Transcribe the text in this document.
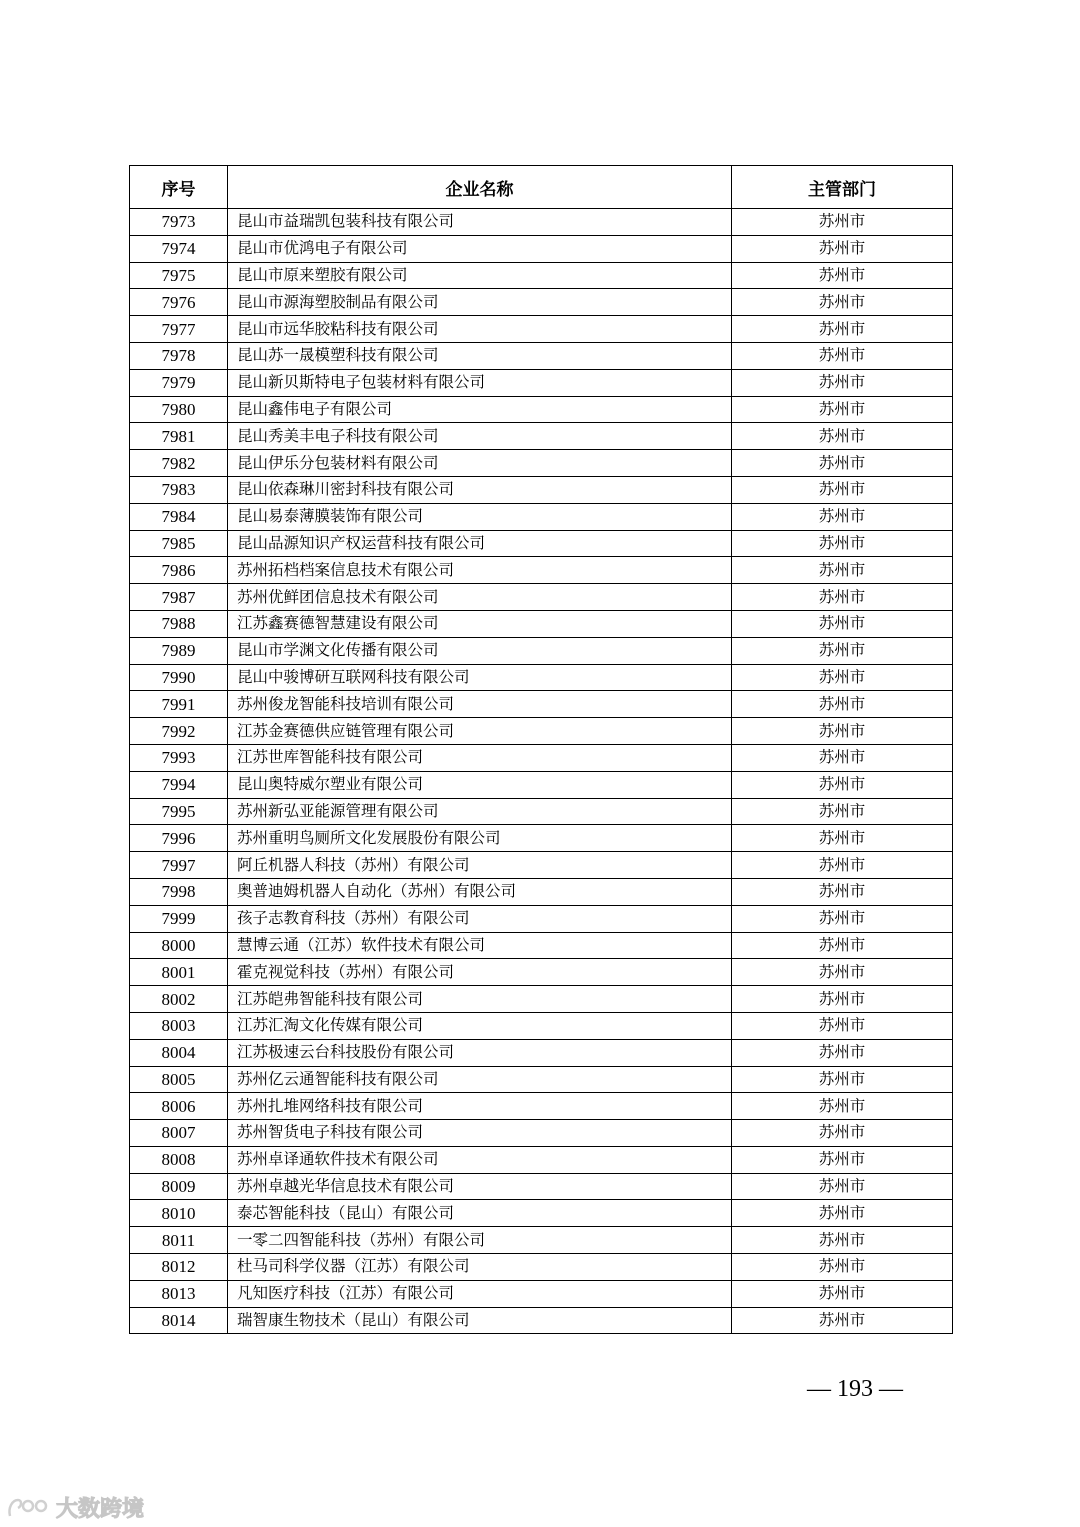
序号	企业名称	主管部门
7973	昆山市益瑞凯包装科技有限公司	苏州市
7974	昆山市优鸿电子有限公司	苏州市
7975	昆山市原来塑胶有限公司	苏州市
7976	昆山市源海塑胶制品有限公司	苏州市
7977	昆山市远华胶粘科技有限公司	苏州市
7978	昆山苏一晟模塑科技有限公司	苏州市
7979	昆山新贝斯特电子包装材料有限公司	苏州市
7980	昆山鑫伟电子有限公司	苏州市
7981	昆山秀美丰电子科技有限公司	苏州市
7982	昆山伊乐分包装材料有限公司	苏州市
7983	昆山依森琳川密封科技有限公司	苏州市
7984	昆山易泰薄膜装饰有限公司	苏州市
7985	昆山品源知识产权运营科技有限公司	苏州市
7986	苏州拓档档案信息技术有限公司	苏州市
7987	苏州优鲜团信息技术有限公司	苏州市
7988	江苏鑫赛德智慧建设有限公司	苏州市
7989	昆山市学渊文化传播有限公司	苏州市
7990	昆山中骏博研互联网科技有限公司	苏州市
7991	苏州俊龙智能科技培训有限公司	苏州市
7992	江苏金赛德供应链管理有限公司	苏州市
7993	江苏世库智能科技有限公司	苏州市
7994	昆山奥特威尔塑业有限公司	苏州市
7995	苏州新弘亚能源管理有限公司	苏州市
7996	苏州重明鸟厕所文化发展股份有限公司	苏州市
7997	阿丘机器人科技（苏州）有限公司	苏州市
7998	奥普迪姆机器人自动化（苏州）有限公司	苏州市
7999	孩子志教育科技（苏州）有限公司	苏州市
8000	慧博云通（江苏）软件技术有限公司	苏州市
8001	霍克视觉科技（苏州）有限公司	苏州市
8002	江苏皑弗智能科技有限公司	苏州市
8003	江苏汇淘文化传媒有限公司	苏州市
8004	江苏极速云台科技股份有限公司	苏州市
8005	苏州亿云通智能科技有限公司	苏州市
8006	苏州扎堆网络科技有限公司	苏州市
8007	苏州智货电子科技有限公司	苏州市
8008	苏州卓译通软件技术有限公司	苏州市
8009	苏州卓越光华信息技术有限公司	苏州市
8010	泰芯智能科技（昆山）有限公司	苏州市
8011	一零二四智能科技（苏州）有限公司	苏州市
8012	杜马司科学仪器（江苏）有限公司	苏州市
8013	凡知医疗科技（江苏）有限公司	苏州市
8014	瑞智康生物技术（昆山）有限公司	苏州市
— 193 —
大数跨境
